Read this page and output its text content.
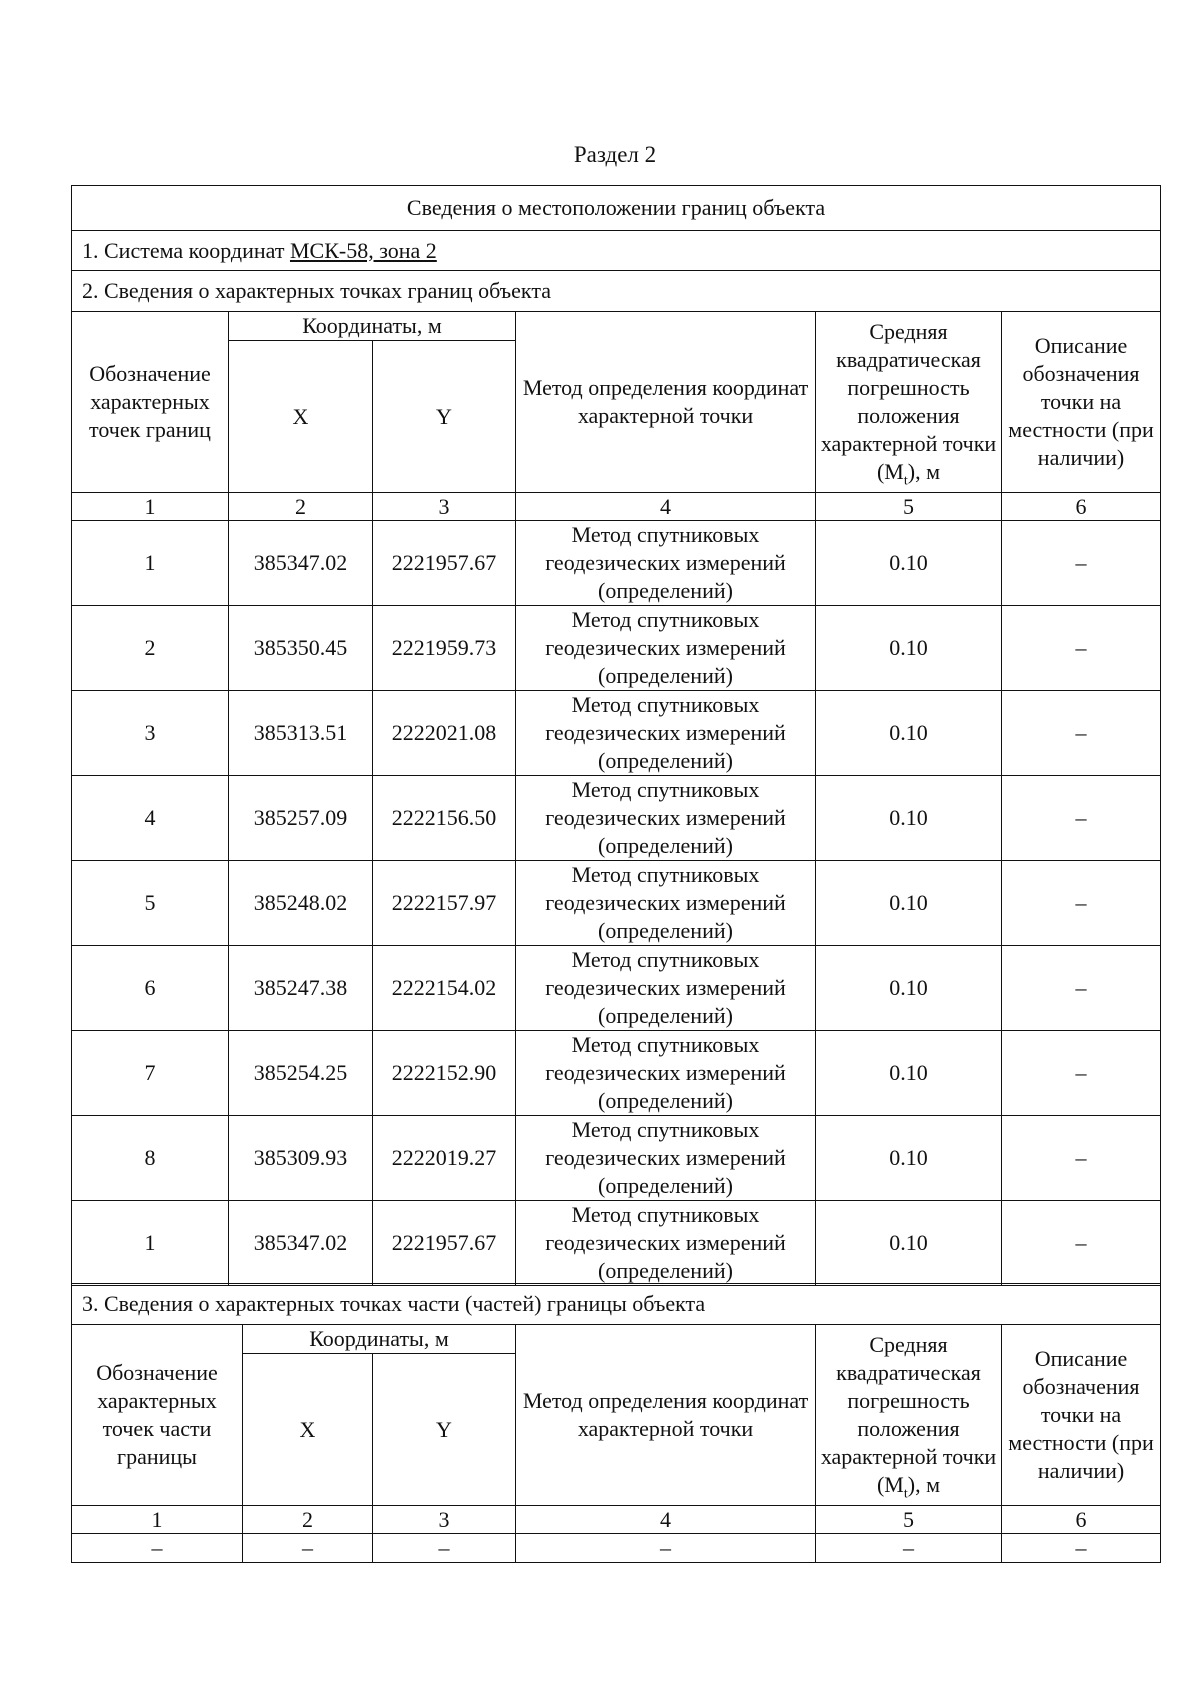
Раздел 2
Сведения о местоположении границ объекта					
1. Система координат МСК-58, зона 2					
2. Сведения о характерных точках границ объекта					
Обозначение характерных точек границ	Координаты, м		Метод определения координат характерной точки	Средняя квадратическая погрешность положения характерной точки $(M_t)$, м	Описание обозначения точки на местности (при наличии)
	X	Y			
1	2	3	4	5	6
1	385347.02	2221957.67	Метод спутниковых геодезических измерений (определений)	0.10	–
2	385350.45	2221959.73	Метод спутниковых геодезических измерений (определений)	0.10	–
3	385313.51	2222021.08	Метод спутниковых геодезических измерений (определений)	0.10	–
4	385257.09	2222156.50	Метод спутниковых геодезических измерений (определений)	0.10	–
5	385248.02	2222157.97	Метод спутниковых геодезических измерений (определений)	0.10	–
6	385247.38	2222154.02	Метод спутниковых геодезических измерений (определений)	0.10	–
7	385254.25	2222152.90	Метод спутниковых геодезических измерений (определений)	0.10	–
8	385309.93	2222019.27	Метод спутниковых геодезических измерений (определений)	0.10	–
1	385347.02	2221957.67	Метод спутниковых геодезических измерений (определений)	0.10	–
3. Сведения о характерных точках части (частей) границы объекта					
Обозначение характерных точек части границы	Координаты, м		Метод определения координат характерной точки	Средняя квадратическая погрешность положения характерной точки $(M_t)$, м	Описание обозначения точки на местности (при наличии)
	X	Y			
1	2	3	4	5	6
–	–	–	–	–	–
